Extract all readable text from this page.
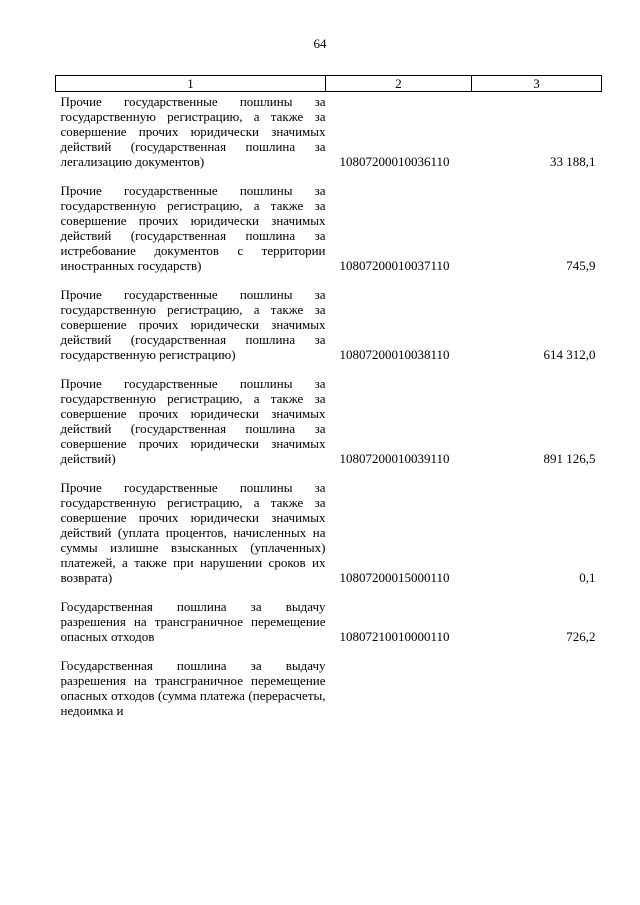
64
1	2	3
Прочие государственные пошлины за государственную регистрацию, а также за совершение прочих юридически значимых действий (государственная пошлина за легализацию документов)	10807200010036110	33 188,1
Прочие государственные пошлины за государственную регистрацию, а также за совершение прочих юридически значимых действий (государственная пошлина за истребование документов с территории иностранных государств)	10807200010037110	745,9
Прочие государственные пошлины за государственную регистрацию, а также за совершение прочих юридически значимых действий (государственная пошлина за государственную регистрацию)	10807200010038110	614 312,0
Прочие государственные пошлины за государственную регистрацию, а также за совершение прочих юридически значимых действий (государственная пошлина за совершение прочих юридически значимых действий)	10807200010039110	891 126,5
Прочие государственные пошлины за государственную регистрацию, а также за совершение прочих юридически значимых действий (уплата процентов, начисленных на суммы излишне взысканных (уплаченных) платежей, а также при нарушении сроков их возврата)	10807200015000110	0,1
Государственная пошлина за выдачу разрешения на трансграничное перемещение опасных отходов	10807210010000110	726,2
Государственная пошлина за выдачу разрешения на трансграничное перемещение опасных отходов (сумма платежа (перерасчеты, недоимка и		
